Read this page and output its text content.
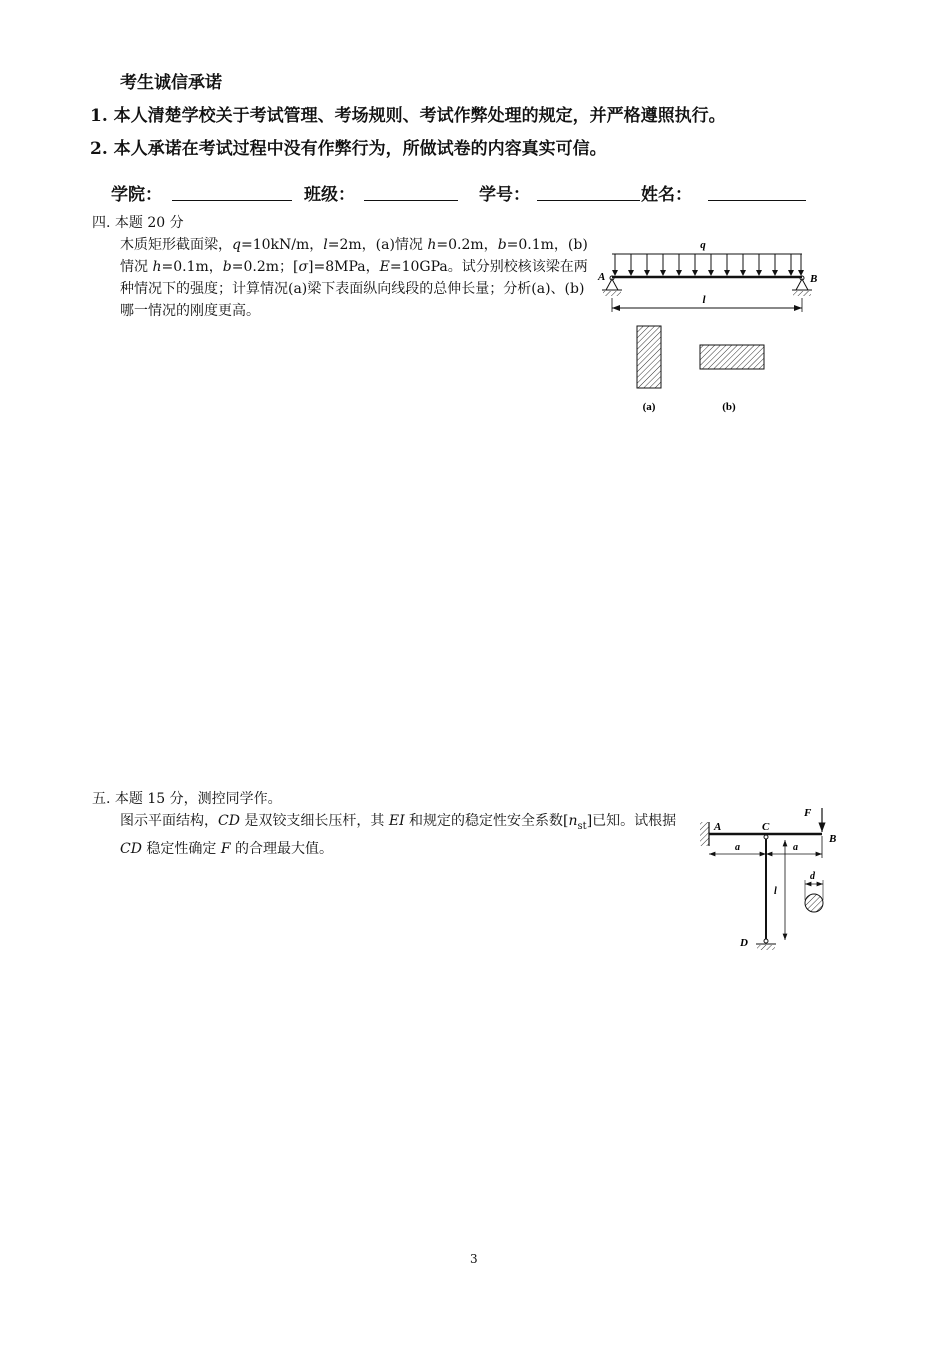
考生诚信承诺
1. 本人清楚学校关于考试管理、考场规则、考试作弊处理的规定，并严格遵照执行。
2. 本人承诺在考试过程中没有作弊行为，所做试卷的内容真实可信。
学院：	班级：	学号：	姓名：
四. 本题 20 分
木质矩形截面梁，q=10kN/m，l=2m，(a)情况 h=0.2m，b=0.1m，(b)情况 h=0.1m，b=0.2m；[σ]=8MPa，E=10GPa。试分别校核该梁在两种情况下的强度；计算情况(a)梁下表面纵向线段的总伸长量；分析(a)、(b)哪一情况的刚度更高。
q
A	B
l
(a)	(b)
五. 本题 15 分，测控同学作。
图示平面结构，CD 是双铰支细长压杆，其 EI 和规定的稳定性安全系数$[n_{st}]$已知。试根据 CD 稳定性确定 F 的合理最大值。
A	C
B
F
D
a	a
l
d
3
